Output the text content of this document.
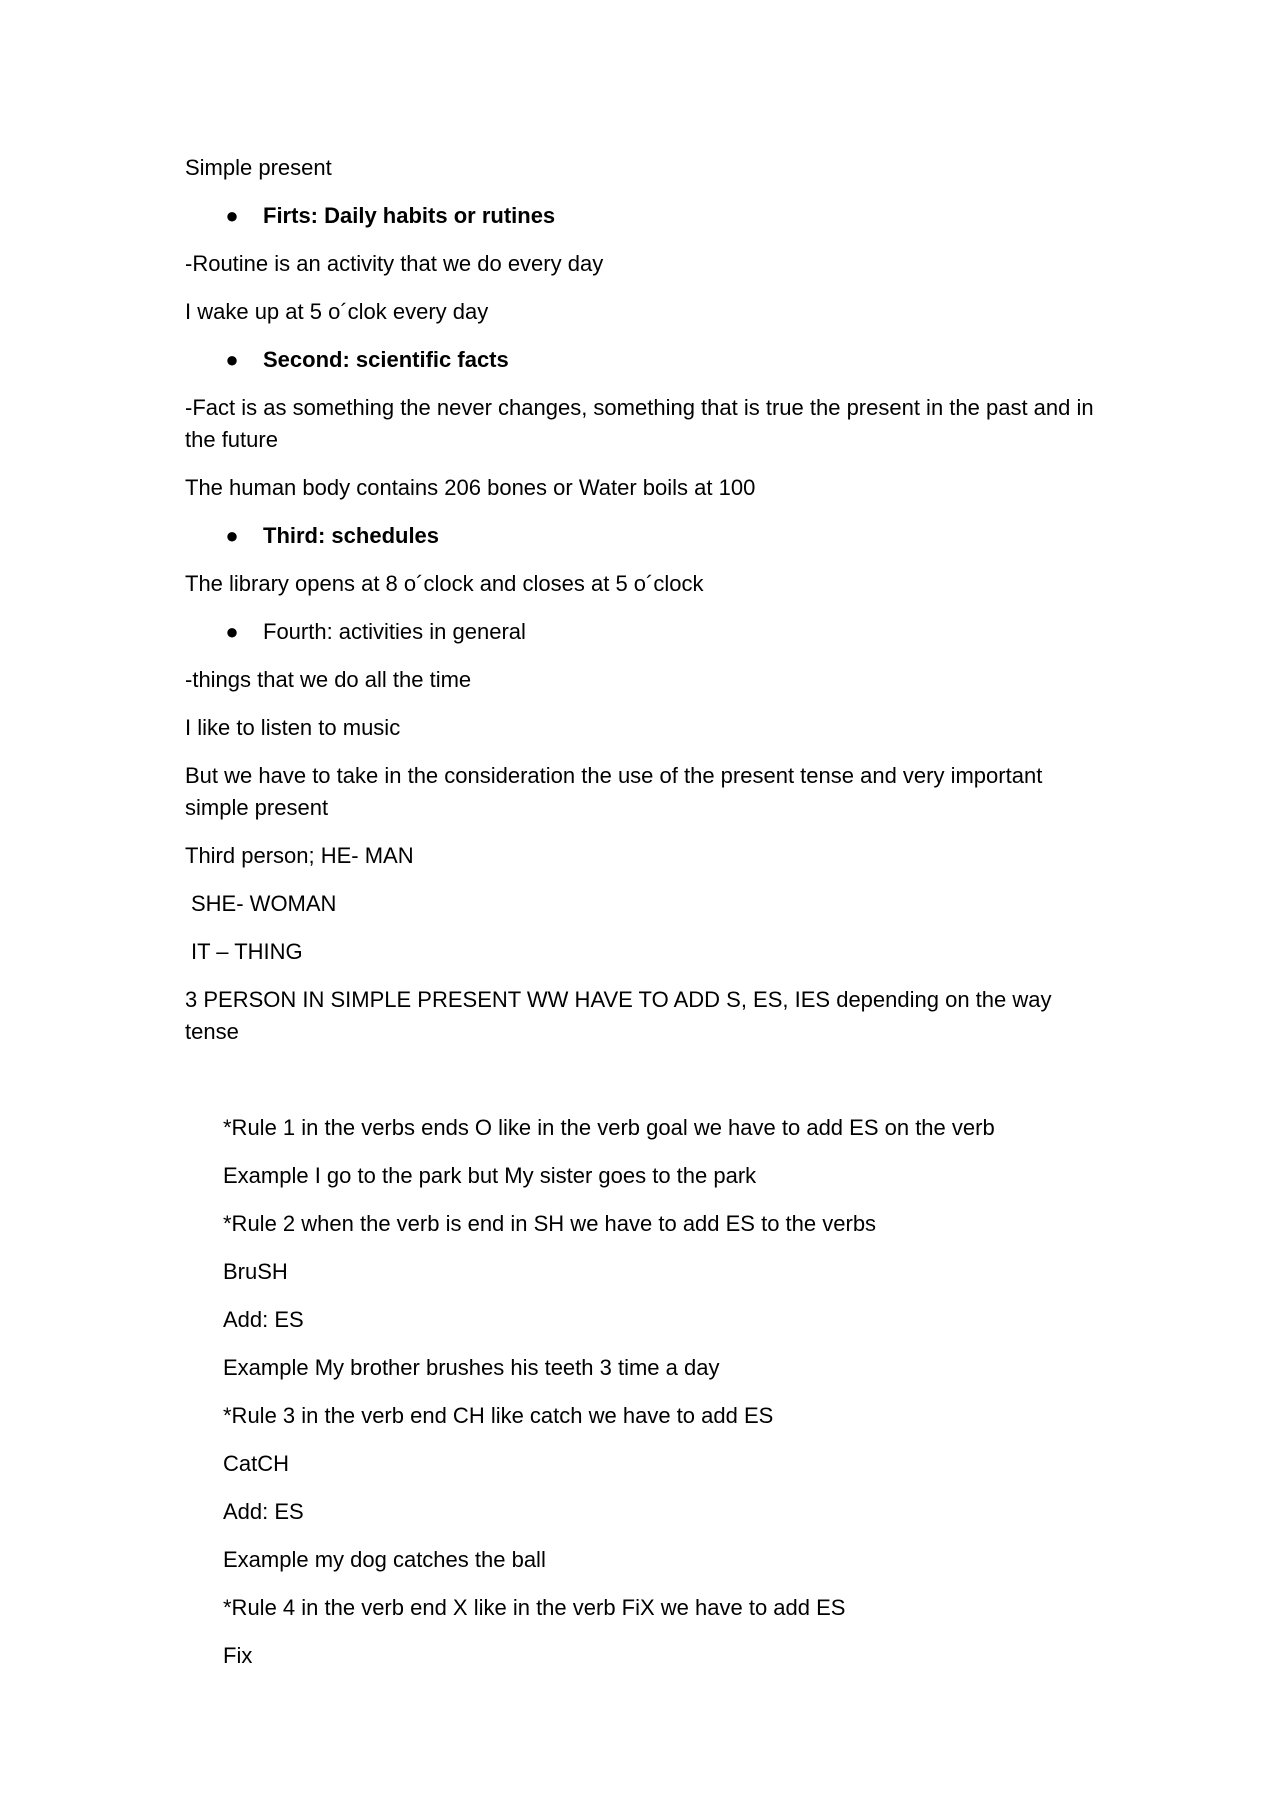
Simple present

● Firts: Daily habits or rutines

-Routine is an activity that we do every day

I wake up at 5 o´clok every day

● Second: scientific facts

-Fact is as something the never changes, something that is true the present in the past and in the future

The human body contains 206 bones or Water boils at 100

● Third: schedules

The library opens at 8 o´clock and closes at 5 o´clock

● Fourth: activities in general

-things that we do all the time

I like to listen to music

But we have to take in the consideration the use of the present tense and very important simple present

Third person; HE- MAN

SHE- WOMAN

IT – THING

3 PERSON IN SIMPLE PRESENT WW HAVE TO ADD S, ES, IES depending on the way tense

*Rule 1 in the verbs ends O like in the verb goal we have to add ES on the verb

Example I go to the park but My sister goes to the park

*Rule 2 when the verb is end in SH we have to add ES to the verbs

BruSH

Add: ES

Example My brother brushes his teeth 3 time a day

*Rule 3 in the verb end CH like catch we have to add ES

CatCH

Add: ES

Example my dog catches the ball

*Rule 4 in the verb end X like in the verb FiX we have to add ES

Fix
